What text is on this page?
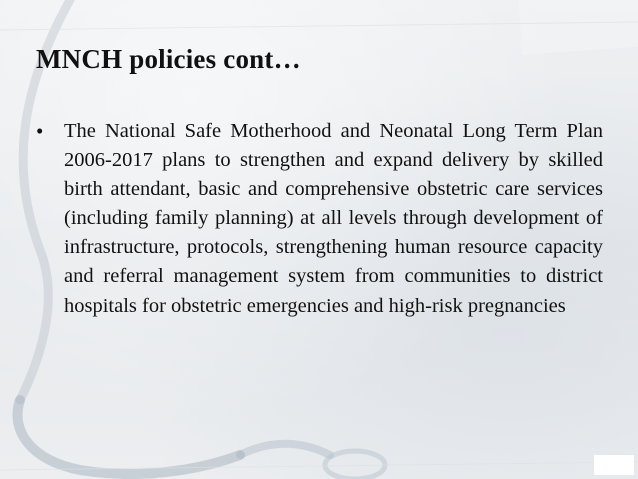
MNCH policies cont…
• The National Safe Motherhood and Neonatal Long Term Plan 2006-2017 plans to strengthen and expand delivery by skilled birth attendant, basic and comprehensive obstetric care services (including family planning) at all levels through development of infrastructure, protocols, strengthening human resource capacity and referral management system from communities to district hospitals for obstetric emergencies and high-risk pregnancies
